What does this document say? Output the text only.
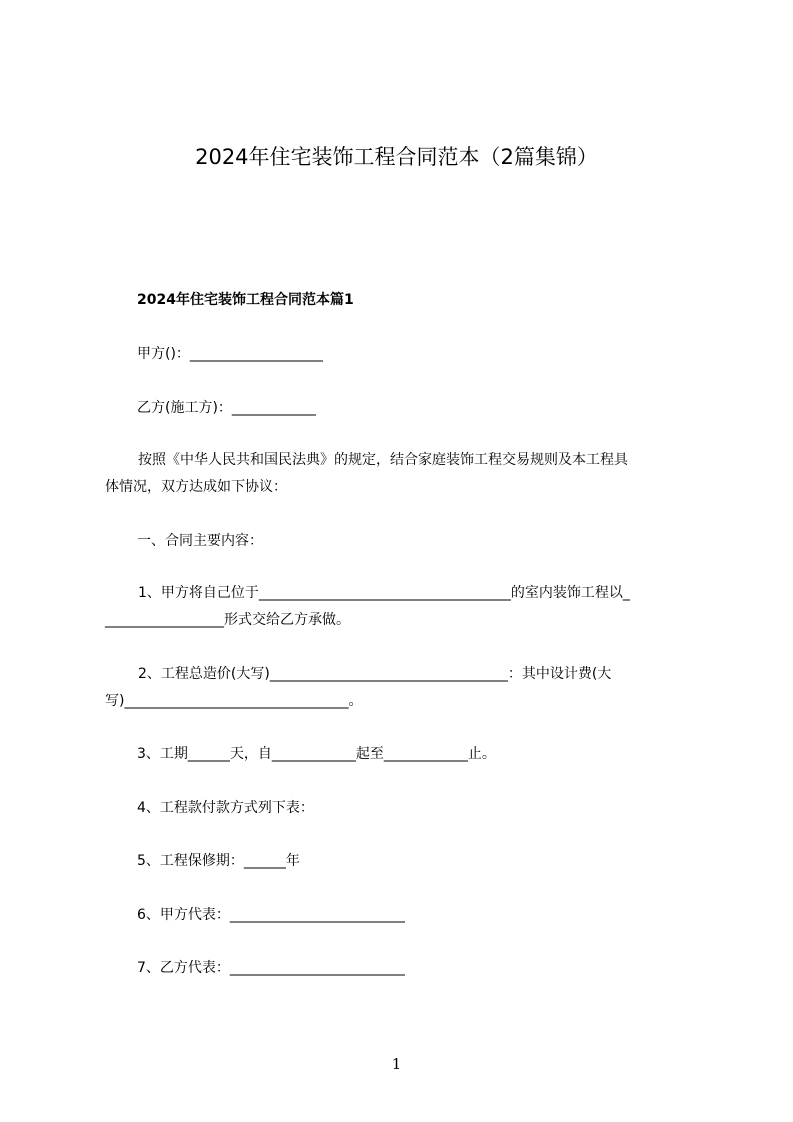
2024年住宅装饰工程合同范本（2篇集锦）
2024年住宅装饰工程合同范本篇1
甲方()：___________________
乙方(施工方)：____________
按照《中华人民共和国民法典》的规定，结合家庭装饰工程交易规则及本工程具
体情况，双方达成如下协议：
一、合同主要内容：
1、甲方将自己位于____________________________________的室内装饰工程以_
_________________形式交给乙方承做。
2、工程总造价(大写)__________________________________：其中设计费(大
写)________________________________。
3、工期______天，自____________起至____________止。
4、工程款付款方式列下表：
5、工程保修期：______年
6、甲方代表：_________________________
7、乙方代表：_________________________
1
